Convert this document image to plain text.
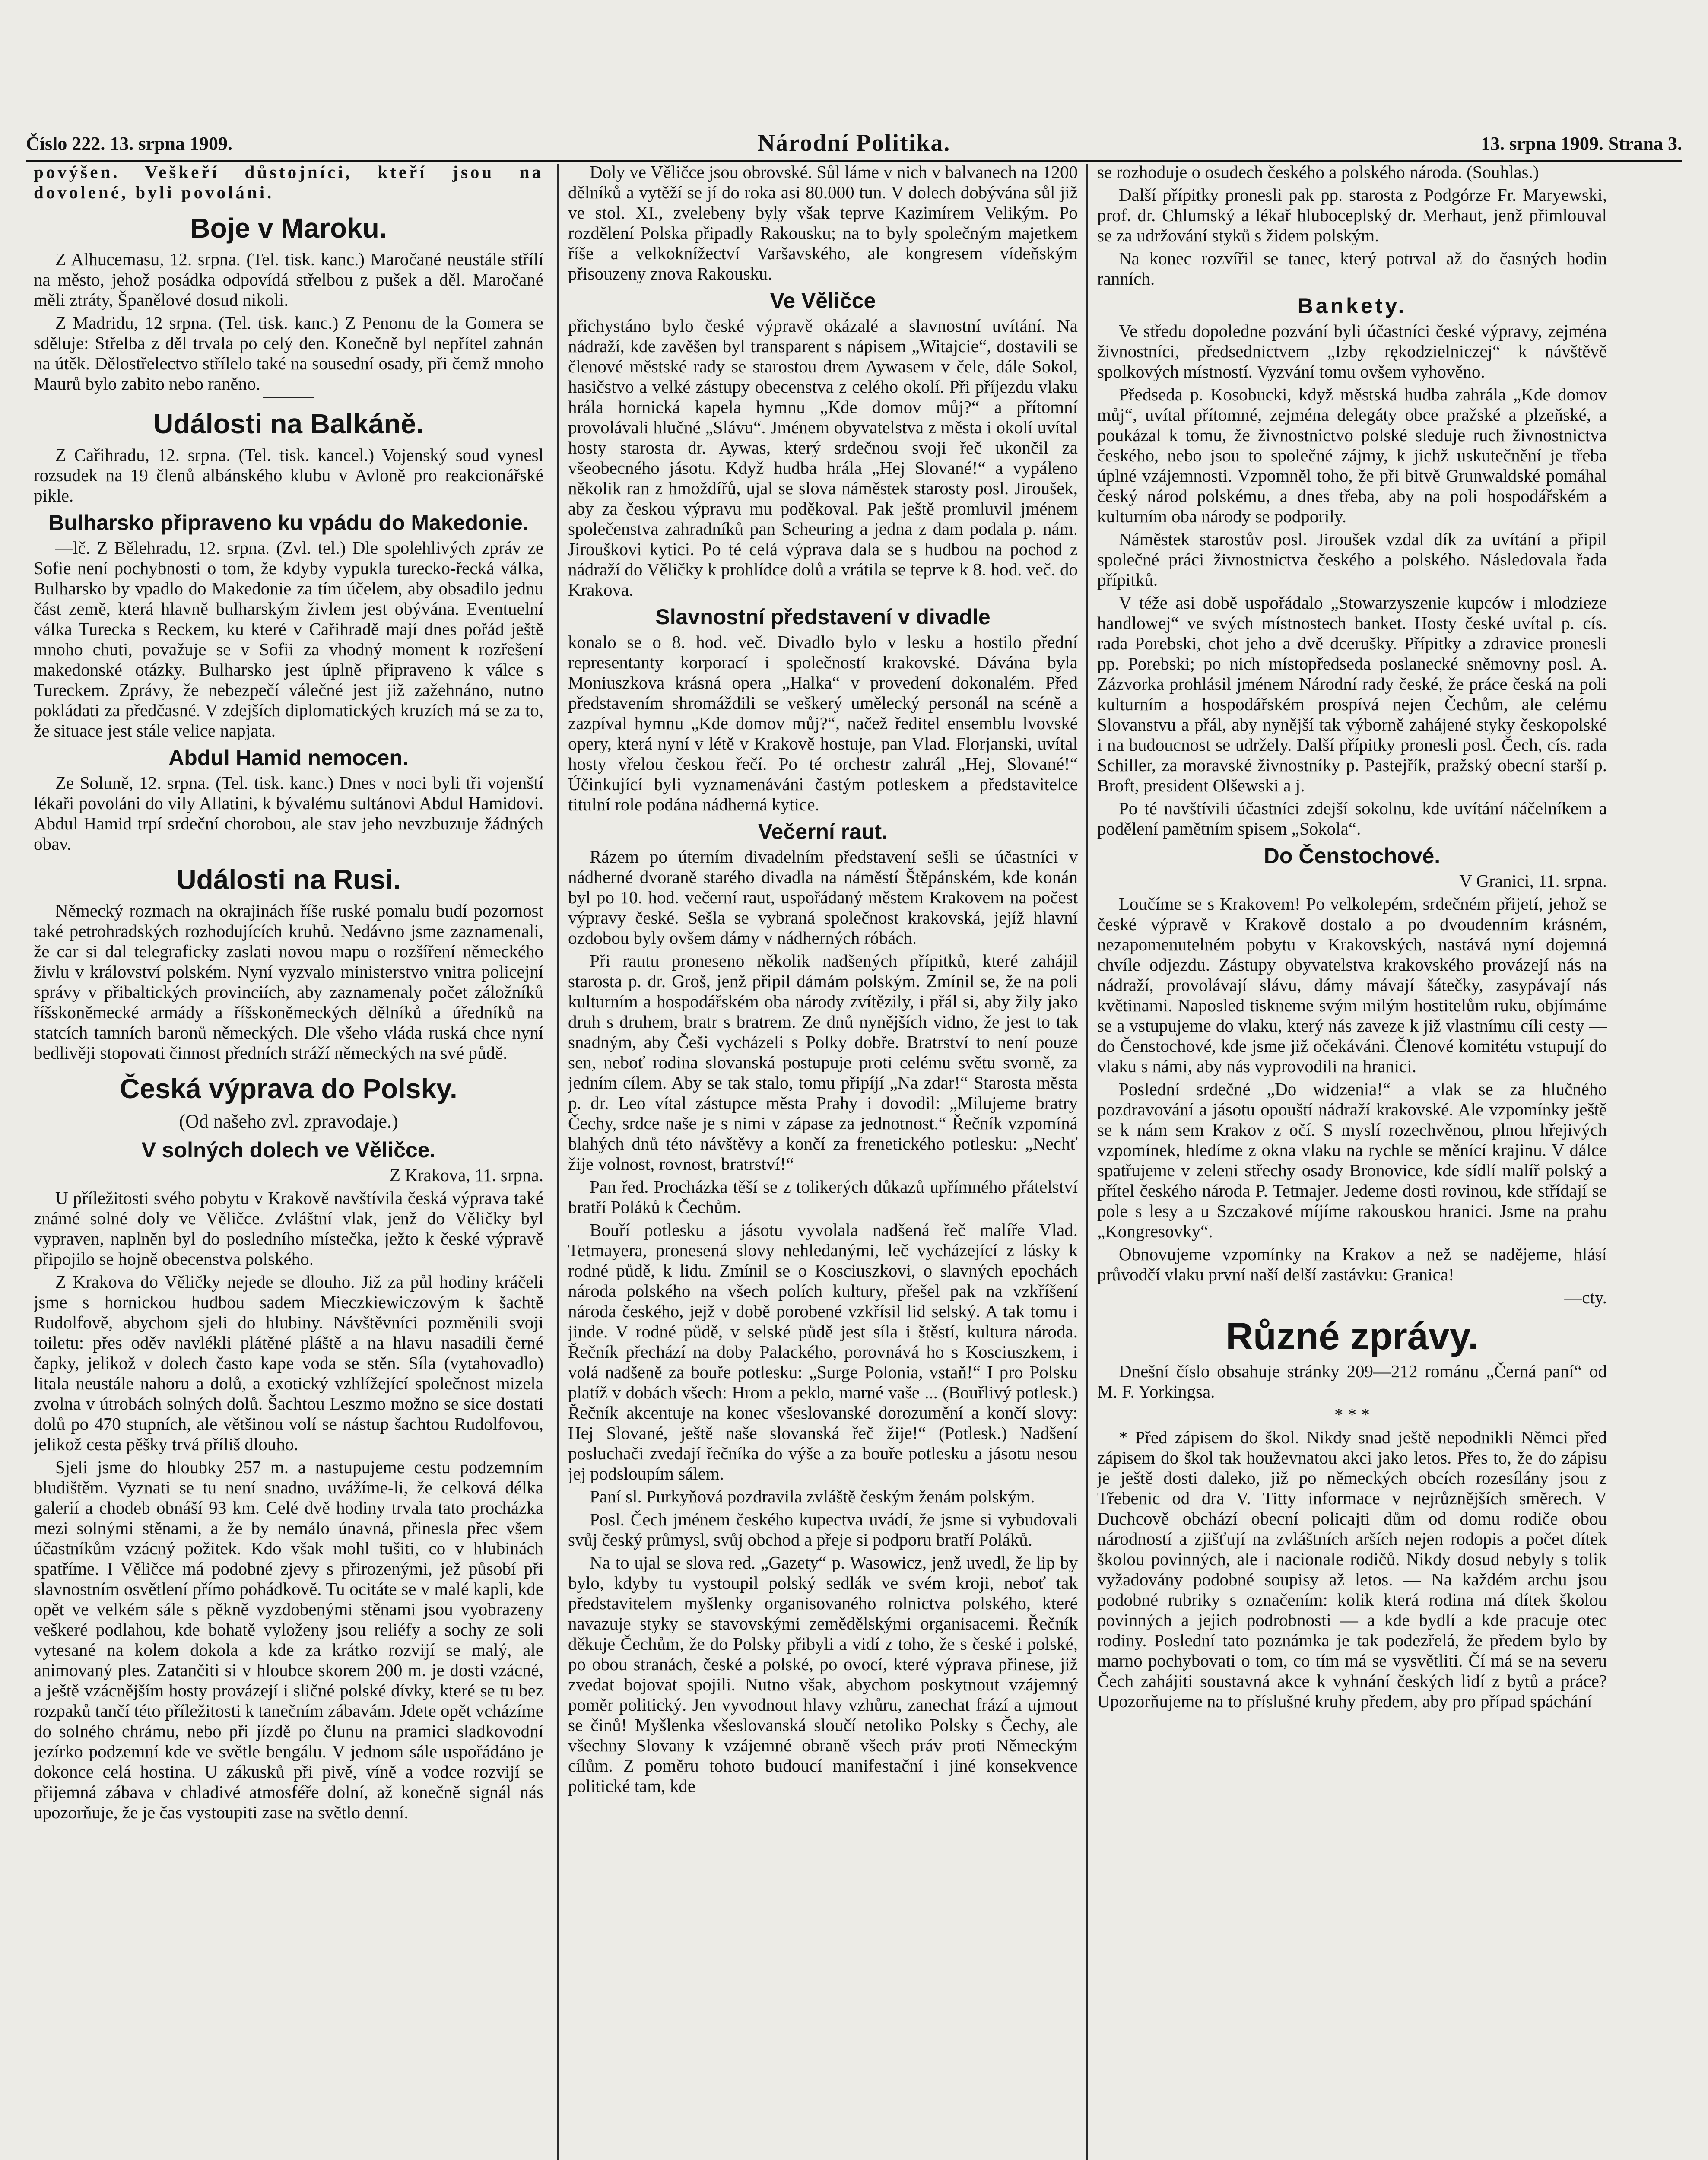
Číslo 222. 13. srpna 1909.	Národní Politika.	13. srpna 1909. Strana 3.

povýšen. Veškeří důstojníci, kteří jsou na dovolené, byli povoláni.

Boje v Maroku.

Z Alhucemasu, 12. srpna. (Tel. tisk. kanc.) Maročané neustále střílí na město, jehož posádka odpovídá střelbou z pušek a děl. Maročané měli ztráty, Španělové dosud nikoli.

Z Madridu, 12 srpna. (Tel. tisk. kanc.) Z Penonu de la Gomera se sděluje: Střelba z děl trvala po celý den. Konečně byl nepřítel zahnán na útěk. Dělostřelectvo střílelo také na sousední osady, při čemž mnoho Maurů bylo zabito nebo raněno.

Události na Balkáně.

Z Cařihradu, 12. srpna. (Tel. tisk. kancel.) Vojenský soud vynesl rozsudek na 19 členů albánského klubu v Avloně pro reakcionářské pikle.

Bulharsko připraveno ku vpádu do Makedonie.

—lč. Z Bělehradu, 12. srpna. (Zvl. tel.) Dle spolehlivých zpráv ze Sofie není pochybnosti o tom, že kdyby vypukla turecko-řecká válka, Bulharsko by vpadlo do Makedonie za tím účelem, aby obsadilo jednu část země, která hlavně bulharským živlem jest obývána. Eventuelní válka Turecka s Reckem, ku které v Cařihradě mají dnes pořád ještě mnoho chuti, považuje se v Sofii za vhodný moment k rozřešení makedonské otázky. Bulharsko jest úplně připraveno k válce s Tureckem. Zprávy, že nebezpečí válečné jest již zažehnáno, nutno pokládati za předčasné. V zdejších diplomatických kruzích má se za to, že situace jest stále velice napjata.

Abdul Hamid nemocen.

Ze Soluně, 12. srpna. (Tel. tisk. kanc.) Dnes v noci byli tři vojenští lékaři povoláni do vily Allatini, k bývalému sultánovi Abdul Hamidovi. Abdul Hamid trpí srdeční chorobou, ale stav jeho nevzbuzuje žádných obav.

Události na Rusi.

Německý rozmach na okrajinách říše ruské pomalu budí pozornost také petrohradských rozhodujících kruhů. Nedávno jsme zaznamenali, že car si dal telegraficky zaslati novou mapu o rozšíření německého živlu v království polském. Nyní vyzvalo ministerstvo vnitra policejní správy v přibaltických provinciích, aby zaznamenaly počet záložníků říšskoněmecké armády a říšskoněmeckých dělníků a úředníků na statcích tamních baronů německých. Dle všeho vláda ruská chce nyní bedlivěji stopovati činnost předních stráží německých na své půdě.

Česká výprava do Polsky.
(Od našeho zvl. zpravodaje.)
V solných dolech ve Věličce.

Z Krakova, 11. srpna.

U příležitosti svého pobytu v Krakově navštívila česká výprava také známé solné doly ve Věličce. Zvláštní vlak, jenž do Věličky byl vypraven, naplněn byl do posledního místečka, ježto k české výpravě připojilo se hojně obecenstva polského.

Z Krakova do Věličky nejede se dlouho. Již za půl hodiny kráčeli jsme s hornickou hudbou sadem Mieczkiewiczovým k šachtě Rudolfově, abychom sjeli do hlubiny. Návštěvníci pozměnili svoji toiletu: přes oděv navlékli plátěné pláště a na hlavu nasadili černé čapky, jelikož v dolech často kape voda se stěn. Síla (vytahovadlo) litala neustále nahoru a dolů, a exotický vzhlížející společnost mizela zvolna v útrobách solných dolů. Šachtou Leszmo možno se sice dostati dolů po 470 stupních, ale většinou volí se nástup šachtou Rudolfovou, jelikož cesta pěšky trvá příliš dlouho.

Sjeli jsme do hloubky 257 m. a nastupujeme cestu podzemním bludištěm. Vyznati se tu není snadno, uvážíme-li, že celková délka galerií a chodeb obnáší 93 km. Celé dvě hodiny trvala tato procházka mezi solnými stěnami, a že by nemálo únavná, přinesla přec všem účastníkům vzácný požitek. Kdo však mohl tušiti, co v hlubinách spatříme. I Věličce má podobné zjevy s přirozenými, jež působí při slavnostním osvětlení přímo pohádkově. Tu ocitáte se v malé kapli, kde opět ve velkém sále s pěkně vyzdobenými stěnami jsou vyobrazeny veškeré podlahou, kde bohatě vyloženy jsou reliéfy a sochy ze soli vytesané na kolem dokola a kde za krátko rozvijí se malý, ale animovaný ples. Zatančiti si v hloubce skorem 200 m. je dosti vzácné, a ještě vzácnějším hosty provázejí i sličné polské dívky, které se tu bez rozpaků tančí této příležitosti k tanečním zábavám. Jdete opět vcházíme do solného chrámu, nebo při jízdě po člunu na pramici sladkovodní jezírko podzemní kde ve světle bengálu. V jednom sále uspořádáno je dokonce celá hostina. U zákusků při pivě, víně a vodce rozvijí se přijemná zábava v chladivé atmosféře dolní, až konečně signál nás upozorňuje, že je čas vystoupiti zase na světlo denní.

Doly ve Věličce jsou obrovské. Sůl láme v nich v balvanech na 1200 dělníků a vytěží se jí do roka asi 80.000 tun. V dolech dobývána sůl již ve stol. XI., zvelebeny byly však teprve Kazimírem Velikým. Po rozdělení Polska připadly Rakousku; na to byly společným majetkem říše a velkoknížectví Varšavského, ale kongresem vídeňským přisouzeny znova Rakousku.

Ve Věličce

přichystáno bylo české výpravě okázalé a slavnostní uvítání. Na nádraží, kde zavěšen byl transparent s nápisem „Witajcie“, dostavili se členové městské rady se starostou drem Aywasem v čele, dále Sokol, hasičstvo a velké zástupy obecenstva z celého okolí. Při příjezdu vlaku hrála hornická kapela hymnu „Kde domov můj?“ a přítomní provolávali hlučné „Slávu“. Jménem obyvatelstva z města i okolí uvítal hosty starosta dr. Aywas, který srdečnou svoji řeč ukončil za všeobecného jásotu. Když hudba hrála „Hej Slované!“ a vypáleno několik ran z hmoždířů, ujal se slova náměstek starosty posl. Jiroušek, aby za českou výpravu mu poděkoval. Pak ještě promluvil jménem společenstva zahradníků pan Scheuring a jedna z dam podala p. nám. Jirouškovi kytici. Po té celá výprava dala se s hudbou na pochod z nádraží do Věličky k prohlídce dolů a vrátila se teprve k 8. hod. več. do Krakova.

Slavnostní představení v divadle

konalo se o 8. hod. več. Divadlo bylo v lesku a hostilo přední representanty korporací i společností krakovské. Dávána byla Moniuszkova krásná opera „Halka“ v provedení dokonalém. Před představením shromáždili se veškerý umělecký personál na scéně a zazpíval hymnu „Kde domov můj?“, načež ředitel ensemblu lvovské opery, která nyní v létě v Krakově hostuje, pan Vlad. Florjanski, uvítal hosty vřelou českou řečí. Po té orchestr zahrál „Hej, Slované!“ Účinkující byli vyznamenáváni častým potleskem a představitelce titulní role podána nádherná kytice.

Večerní raut.

Rázem po úterním divadelním představení sešli se účastníci v nádherné dvoraně starého divadla na náměstí Štěpánském, kde konán byl po 10. hod. večerní raut, uspořádaný městem Krakovem na počest výpravy české. Sešla se vybraná společnost krakovská, jejíž hlavní ozdobou byly ovšem dámy v nádherných róbách.

Při rautu proneseno několik nadšených přípitků, které zahájil starosta p. dr. Groš, jenž připil dámám polským. Zmínil se, že na poli kulturním a hospodářském oba národy zvítězily, i přál si, aby žily jako druh s druhem, bratr s bratrem. Ze dnů nynějších vidno, že jest to tak snadným, aby Češi vycházeli s Polky dobře. Bratrství to není pouze sen, neboť rodina slovanská postupuje proti celému světu svorně, za jedním cílem. Aby se tak stalo, tomu připíjí „Na zdar!“ Starosta města p. dr. Leo vítal zástupce města Prahy i dovodil: „Milujeme bratry Čechy, srdce naše je s nimi v zápase za jednotnost.“ Řečník vzpomíná blahých dnů této návštěvy a končí za frenetického potlesku: „Nechť žije volnost, rovnost, bratrství!“

Pan řed. Procházka těší se z tolikerých důkazů upřímného přátelství bratří Poláků k Čechům.

Bouří potlesku a jásotu vyvolala nadšená řeč malíře Vlad. Tetmayera, pronesená slovy nehledanými, leč vycházející z lásky k rodné půdě, k lidu. Zmínil se o Kosciuszkovi, o slavných epochách národa polského na všech polích kultury, přešel pak na vzkříšení národa českého, jejž v době porobené vzkřísil lid selský. A tak tomu i jinde. V rodné půdě, v selské půdě jest síla i štěstí, kultura národa. Řečník přechází na doby Palackého, porovnává ho s Kosciuszkem, i volá nadšeně za bouře potlesku: „Surge Polonia, vstaň!“ I pro Polsku platíž v dobách všech: Hrom a peklo, marné vaše ... (Bouřlivý potlesk.) Řečník akcentuje na konec všeslovanské dorozumění a končí slovy: Hej Slované, ještě naše slovanská řeč žije!“ (Potlesk.) Nadšení posluchači zvedají řečníka do výše a za bouře potlesku a jásotu nesou jej podsloupím sálem.

Paní sl. Purkyňová pozdravila zvláště českým ženám polským.

Posl. Čech jménem českého kupectva uvádí, že jsme si vybudovali svůj český průmysl, svůj obchod a přeje si podporu bratří Poláků.

Na to ujal se slova red. „Gazety“ p. Wasowicz, jenž uvedl, že lip by bylo, kdyby tu vystoupil polský sedlák ve svém kroji, neboť tak představitelem myšlenky organisovaného rolnictva polského, které navazuje styky se stavovskými zemědělskými organisacemi. Řečník děkuje Čechům, že do Polsky přibyli a vidí z toho, že s české i polské, po obou stranách, české a polské, po ovocí, které výprava přinese, již zvedat bojovat spojili. Nutno však, abychom poskytnout vzájemný poměr politický. Jen vyvodnout hlavy vzhůru, zanechat frází a ujmout se činů! Myšlenka všeslovanská sloučí netoliko Polsky s Čechy, ale všechny Slovany k vzájemné obraně všech práv proti Německým cílům. Z poměru tohoto budoucí manifestační i jiné konsekvence politické tam, kde

se rozhoduje o osudech českého a polského národa. (Souhlas.)

Další přípitky pronesli pak pp. starosta z Podgórze Fr. Maryewski, prof. dr. Chlumský a lékař hluboceplský dr. Merhaut, jenž přimlouval se za udržování styků s židem polským.

Na konec rozvířil se tanec, který potrval až do časných hodin ranních.

Bankety.

Ve středu dopoledne pozvání byli účastníci české výpravy, zejména živnostníci, předsednictvem „Izby rękodzielniczej“ k návštěvě spolkových místností. Vyzvání tomu ovšem vyhověno.

Předseda p. Kosobucki, když městská hudba zahrála „Kde domov můj“, uvítal přítomné, zejména delegáty obce pražské a plzeňské, a poukázal k tomu, že živnostnictvo polské sleduje ruch živnostnictva českého, nebo jsou to společné zájmy, k jichž uskutečnění je třeba úplné vzájemnosti. Vzpomněl toho, že při bitvě Grunwaldské pomáhal český národ polskému, a dnes třeba, aby na poli hospodářském a kulturním oba národy se podporily.

Náměstek starostův posl. Jiroušek vzdal dík za uvítání a připil společné práci živnostnictva českého a polského. Následovala řada přípitků.

V téže asi době uspořádalo „Stowarzyszenie kupców i mlodzieze handlowej“ ve svých místnostech banket. Hosty české uvítal p. cís. rada Porebski, chot jeho a dvě dcerušky. Přípitky a zdravice pronesli pp. Porebski; po nich místopředseda poslanecké sněmovny posl. A. Zázvorka prohlásil jménem Národní rady české, že práce česká na poli kulturním a hospodářském prospívá nejen Čechům, ale celému Slovanstvu a přál, aby nynější tak výborně zahájené styky českopolské i na budoucnost se udržely. Další přípitky pronesli posl. Čech, cís. rada Schiller, za moravské živnostníky p. Pastejřík, pražský obecní starší p. Broft, president Olšewski a j.

Po té navštívili účastníci zdejší sokolnu, kde uvítání náčelníkem a podělení pamětním spisem „Sokola“.

Do Čenstochové.

V Granici, 11. srpna.

Loučíme se s Krakovem! Po velkolepém, srdečném přijetí, jehož se české výpravě v Krakově dostalo a po dvoudenním krásném, nezapomenutelném pobytu v Krakovských, nastává nyní dojemná chvíle odjezdu. Zástupy obyvatelstva krakovského provázejí nás na nádraží, provolávají slávu, dámy mávají šátečky, zasypávají nás květinami. Naposled tiskneme svým milým hostitelům ruku, objímáme se a vstupujeme do vlaku, který nás zaveze k již vlastnímu cíli cesty — do Čenstochové, kde jsme již očekáváni. Členové komitétu vstupují do vlaku s námi, aby nás vyprovodili na hranici.

Poslední srdečné „Do widzenia!“ a vlak se za hlučného pozdravování a jásotu opouští nádraží krakovské. Ale vzpomínky ještě se k nám sem Krakov z očí. S myslí rozechvěnou, plnou hřejivých vzpomínek, hledíme z okna vlaku na rychle se měnící krajinu. V dálce spatřujeme v zeleni střechy osady Bronovice, kde sídlí malíř polský a přítel českého národa P. Tetmajer. Jedeme dosti rovinou, kde střídají se pole s lesy a u Szczakové míjíme rakouskou hranici. Jsme na prahu „Kongresovky“.

Obnovujeme vzpomínky na Krakov a než se nadějeme, hlásí průvodčí vlaku první naší delší zastávku: Granica!

—cty.

Různé zprávy.

Dnešní číslo obsahuje stránky 209—212 románu „Černá paní“ od M. F. Yorkingsa.

* * *

* Před zápisem do škol. Nikdy snad ještě nepodnikli Němci před zápisem do škol tak houževnatou akci jako letos. Přes to, že do zápisu je ještě dosti daleko, již po německých obcích rozesílány jsou z Třebenic od dra V. Titty informace v nejrůznějších směrech. V Duchcově obchází obecní policajti dům od domu rodiče obou národností a zjišťují na zvláštních arších nejen rodopis a počet dítek školou povinných, ale i nacionale rodičů. Nikdy dosud nebyly s tolik vyžadovány podobné soupisy až letos. — Na každém archu jsou podobné rubriky s označením: kolik která rodina má dítek školou povinných a jejich podrobnosti — a kde bydlí a kde pracuje otec rodiny. Poslední tato poznámka je tak podezřelá, že předem bylo by marno pochybovati o tom, co tím má se vysvětliti. Čí má se na severu Čech zahájiti soustavná akce k vyhnání českých lidí z bytů a práce? Upozorňujeme na to příslušné kruhy předem, aby pro případ spáchání
